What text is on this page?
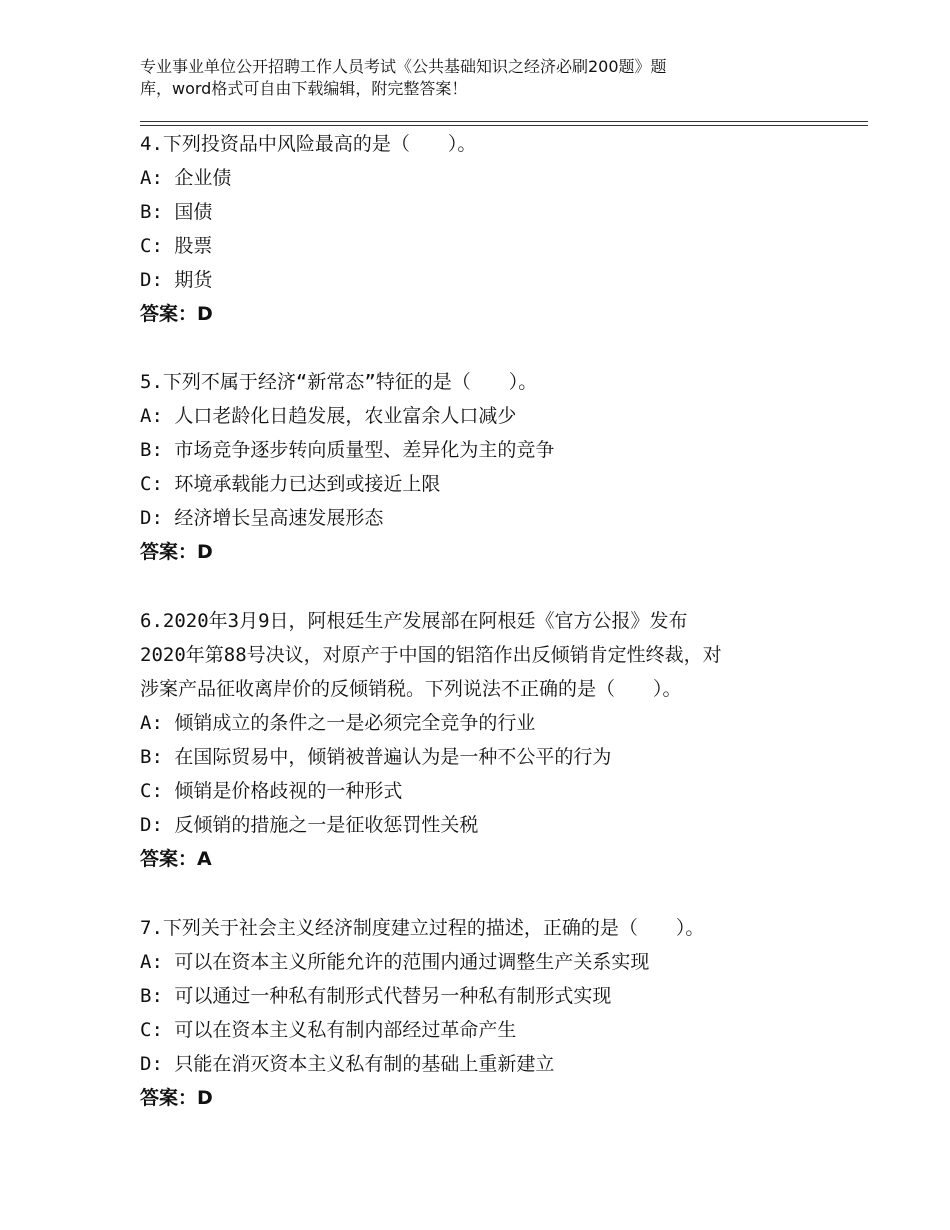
专业事业单位公开招聘工作人员考试《公共基础知识之经济必刷200题》题
库，word格式可自由下载编辑，附完整答案！
4.下列投资品中风险最高的是（　　）。
A: 企业债
B: 国债
C: 股票
D: 期货
答案：D
5.下列不属于经济“新常态”特征的是（　　）。
A: 人口老龄化日趋发展，农业富余人口减少
B: 市场竞争逐步转向质量型、差异化为主的竞争
C: 环境承载能力已达到或接近上限
D: 经济增长呈高速发展形态
答案：D
6.2020年3月9日，阿根廷生产发展部在阿根廷《官方公报》发布
2020年第88号决议，对原产于中国的铝箔作出反倾销肯定性终裁，对
涉案产品征收离岸价的反倾销税。下列说法不正确的是（　　）。
A: 倾销成立的条件之一是必须完全竞争的行业
B: 在国际贸易中，倾销被普遍认为是一种不公平的行为
C: 倾销是价格歧视的一种形式
D: 反倾销的措施之一是征收惩罚性关税
答案：A
7.下列关于社会主义经济制度建立过程的描述，正确的是（　　）。
A: 可以在资本主义所能允许的范围内通过调整生产关系实现
B: 可以通过一种私有制形式代替另一种私有制形式实现
C: 可以在资本主义私有制内部经过革命产生
D: 只能在消灭资本主义私有制的基础上重新建立
答案：D
